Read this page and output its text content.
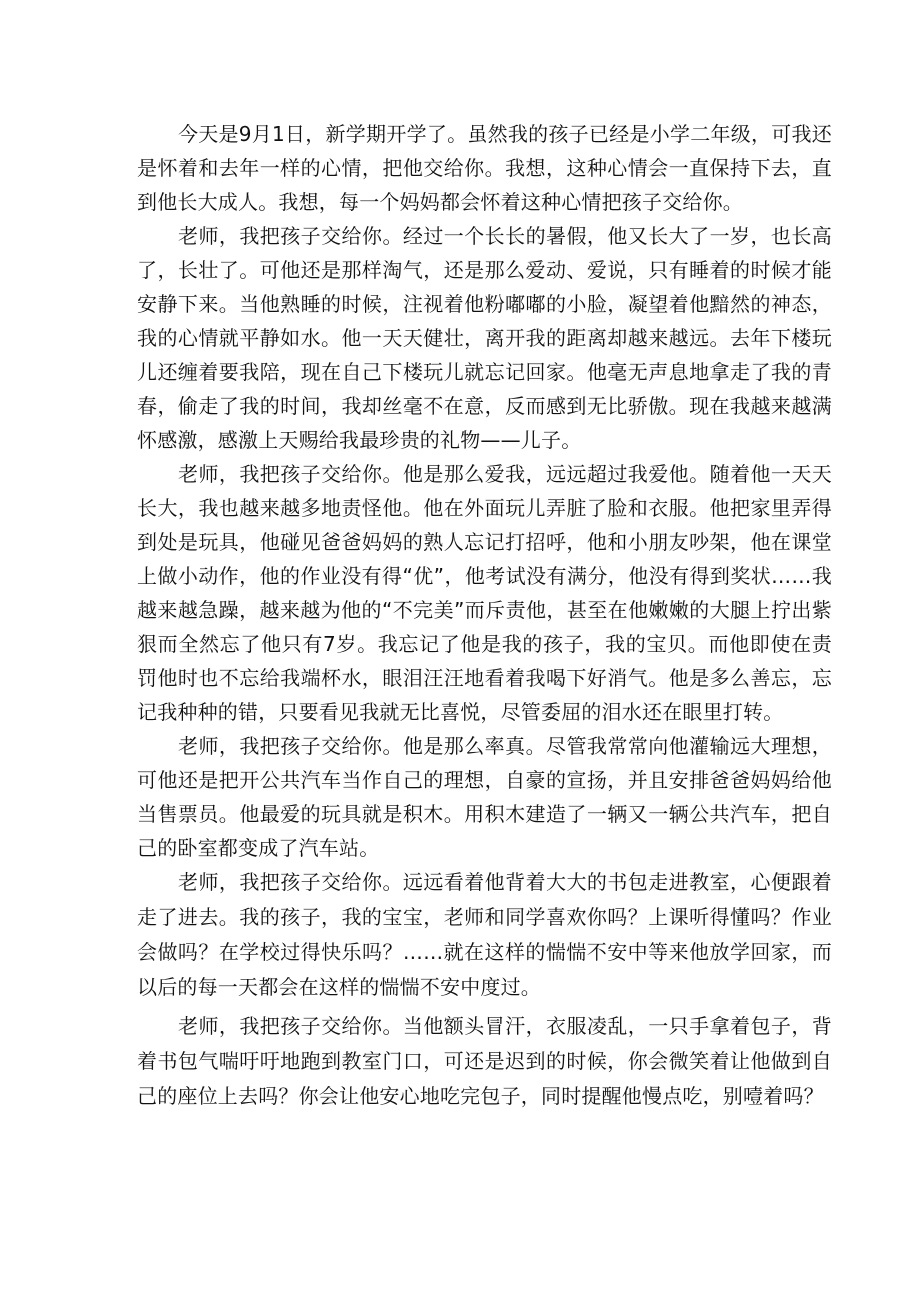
今天是9月1日，新学期开学了。虽然我的孩子已经是小学二年级，可我还是怀着和去年一样的心情，把他交给你。我想，这种心情会一直保持下去，直到他长大成人。我想，每一个妈妈都会怀着这种心情把孩子交给你。

老师，我把孩子交给你。经过一个长长的暑假，他又长大了一岁，也长高了，长壮了。可他还是那样淘气，还是那么爱动、爱说，只有睡着的时候才能安静下来。当他熟睡的时候，注视着他粉嘟嘟的小脸，凝望着他黯然的神态，我的心情就平静如水。他一天天健壮，离开我的距离却越来越远。去年下楼玩儿还缠着要我陪，现在自己下楼玩儿就忘记回家。他毫无声息地拿走了我的青春，偷走了我的时间，我却丝毫不在意，反而感到无比骄傲。现在我越来越满怀感激，感激上天赐给我最珍贵的礼物——儿子。

老师，我把孩子交给你。他是那么爱我，远远超过我爱他。随着他一天天长大，我也越来越多地责怪他。他在外面玩儿弄脏了脸和衣服。他把家里弄得到处是玩具，他碰见爸爸妈妈的熟人忘记打招呼，他和小朋友吵架，他在课堂上做小动作，他的作业没有得“优”，他考试没有满分，他没有得到奖状……我越来越急躁，越来越为他的“不完美”而斥责他，甚至在他嫩嫩的大腿上拧出紫狠而全然忘了他只有7岁。我忘记了他是我的孩子，我的宝贝。而他即使在责罚他时也不忘给我端杯水，眼泪汪汪地看着我喝下好消气。他是多么善忘，忘记我种种的错，只要看见我就无比喜悦，尽管委屈的泪水还在眼里打转。

老师，我把孩子交给你。他是那么率真。尽管我常常向他灌输远大理想，可他还是把开公共汽车当作自己的理想，自豪的宣扬，并且安排爸爸妈妈给他当售票员。他最爱的玩具就是积木。用积木建造了一辆又一辆公共汽车，把自己的卧室都变成了汽车站。

老师，我把孩子交给你。远远看着他背着大大的书包走进教室，心便跟着走了进去。我的孩子，我的宝宝，老师和同学喜欢你吗？上课听得懂吗？作业会做吗？在学校过得快乐吗？……就在这样的惴惴不安中等来他放学回家，而以后的每一天都会在这样的惴惴不安中度过。

老师，我把孩子交给你。当他额头冒汗，衣服凌乱，一只手拿着包子，背着书包气喘吁吁地跑到教室门口，可还是迟到的时候，你会微笑着让他做到自己的座位上去吗？你会让他安心地吃完包子，同时提醒他慢点吃，别噎着吗？
